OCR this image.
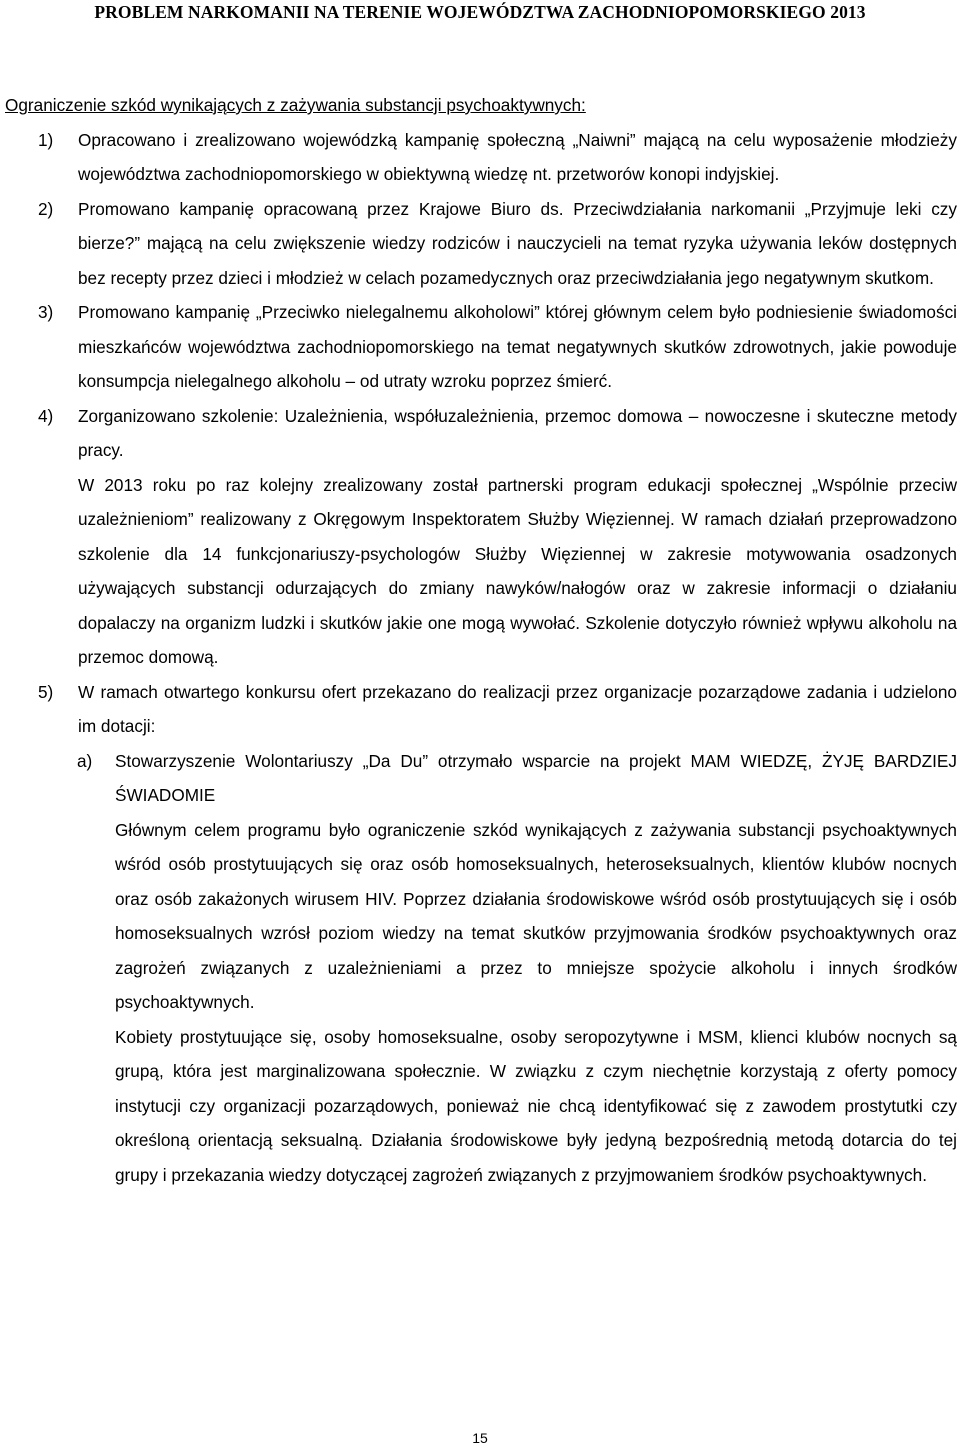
PROBLEM NARKOMANII NA TERENIE WOJEWÓDZTWA ZACHODNIOPOMORSKIEGO 2013
Ograniczenie szkód wynikających z zażywania substancji psychoaktywnych:
1) Opracowano i zrealizowano wojewódzką kampanię społeczną „Naiwni” mającą na celu wyposażenie młodzieży województwa zachodniopomorskiego w obiektywną wiedzę nt. przetworów konopi indyjskiej.
2) Promowano kampanię opracowaną przez Krajowe Biuro ds. Przeciwdziałania narkomanii „Przyjmuje leki czy bierze?” mającą na celu zwiększenie wiedzy rodziców i nauczycieli na temat ryzyka używania leków dostępnych bez recepty przez dzieci i młodzież w celach pozamedycznych oraz przeciwdziałania jego negatywnym skutkom.
3) Promowano kampanię „Przeciwko nielegalnemu alkoholowi” której głównym celem było podniesienie świadomości mieszkańców województwa zachodniopomorskiego na temat negatywnych skutków zdrowotnych, jakie powoduje konsumpcja nielegalnego alkoholu – od utraty wzroku poprzez śmierć.
4) Zorganizowano szkolenie: Uzależnienia, współuzależnienia, przemoc domowa – nowoczesne i skuteczne metody pracy.
W 2013 roku po raz kolejny zrealizowany został partnerski program edukacji społecznej „Wspólnie przeciw uzależnieniom” realizowany z Okręgowym Inspektoratem Służby Więziennej. W ramach działań przeprowadzono szkolenie dla 14 funkcjonariuszy-psychologów Służby Więziennej w zakresie motywowania osadzonych używających substancji odurzających do zmiany nawyków/nałogów oraz w zakresie informacji o działaniu dopalaczy na organizm ludzki i skutków jakie one mogą wywołać. Szkolenie dotyczyło również wpływu alkoholu na przemoc domową.
5) W ramach otwartego konkursu ofert przekazano do realizacji przez organizacje pozarządowe zadania i udzielono im dotacji:
a) Stowarzyszenie Wolontariuszy „Da Du” otrzymało wsparcie na projekt MAM WIEDZĘ, ŻYJĘ BARDZIEJ ŚWIADOMIE
Głównym celem programu było ograniczenie szkód wynikających z zażywania substancji psychoaktywnych wśród osób prostytuujących się oraz osób homoseksualnych, heteroseksualnych, klientów klubów nocnych oraz osób zakażonych wirusem HIV. Poprzez działania środowiskowe wśród osób prostytuujących się i osób homoseksualnych wzrósł poziom wiedzy na temat skutków przyjmowania środków psychoaktywnych oraz zagrożeń związanych z uzależnieniami a przez to mniejsze spożycie alkoholu i innych środków psychoaktywnych.
Kobiety prostytuujące się, osoby homoseksualne, osoby seropozytywne i MSM, klienci klubów nocnych są grupą, która jest marginalizowana społecznie. W związku z czym niechętnie korzystają z oferty pomocy instytucji czy organizacji pozarządowych, ponieważ nie chcą identyfikować się z zawodem prostytutki czy określoną orientacją seksualną. Działania środowiskowe były jedyną bezpośrednią metodą dotarcia do tej grupy i przekazania wiedzy dotyczącej zagrożeń związanych z przyjmowaniem środków psychoaktywnych.
15
